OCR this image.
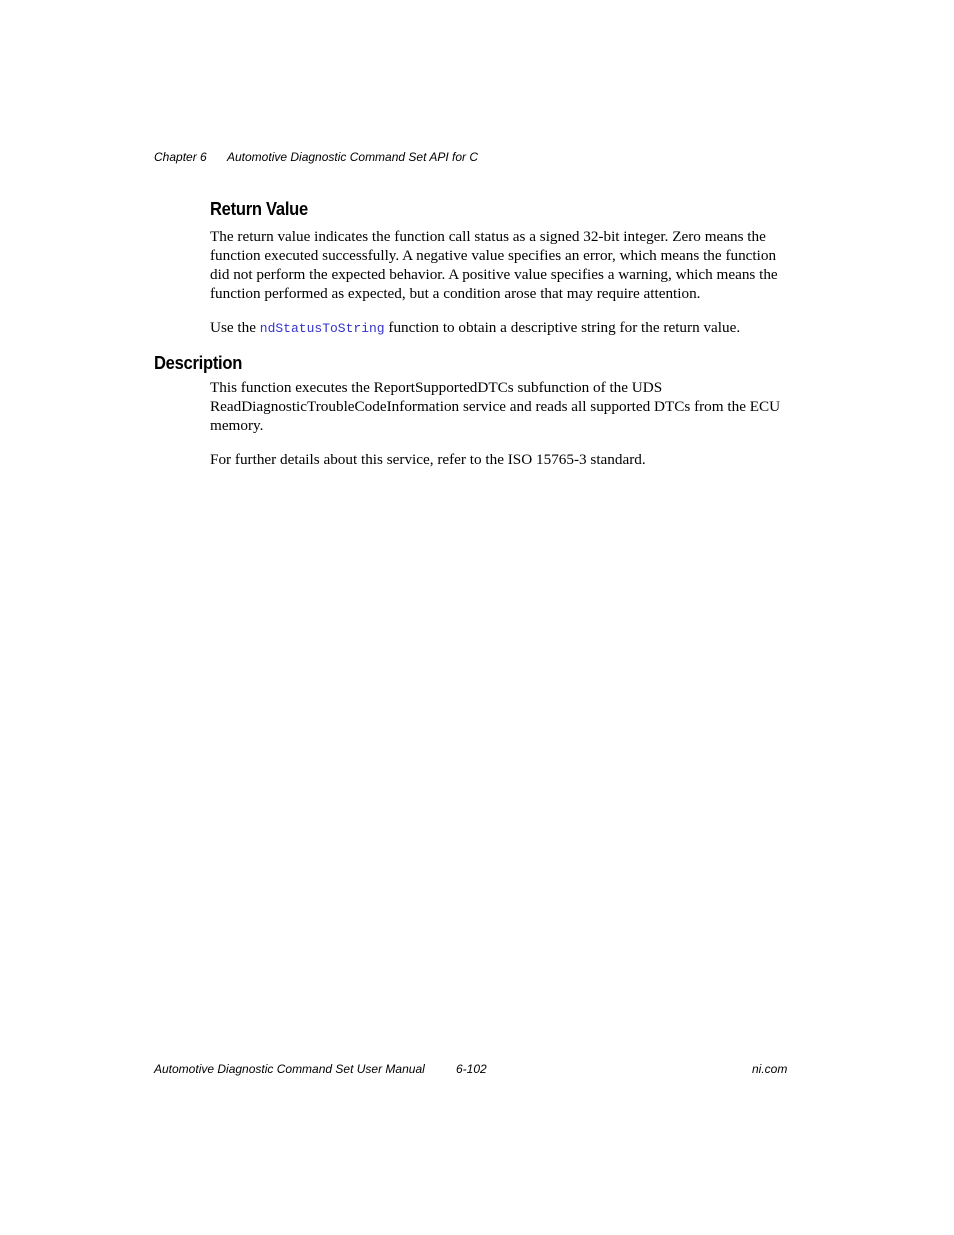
Chapter 6 Automotive Diagnostic Command Set API for C
Return Value

The return value indicates the function call status as a signed 32-bit integer. Zero means the function executed successfully. A negative value specifies an error, which means the function did not perform the expected behavior. A positive value specifies a warning, which means the function performed as expected, but a condition arose that may require attention.

Use the ndStatusToString function to obtain a descriptive string for the return value.

Description

This function executes the ReportSupportedDTCs subfunction of the UDS ReadDiagnosticTroubleCodeInformation service and reads all supported DTCs from the ECU memory.

For further details about this service, refer to the ISO 15765-3 standard.

Automotive Diagnostic Command Set User Manual	6-102	ni.com
